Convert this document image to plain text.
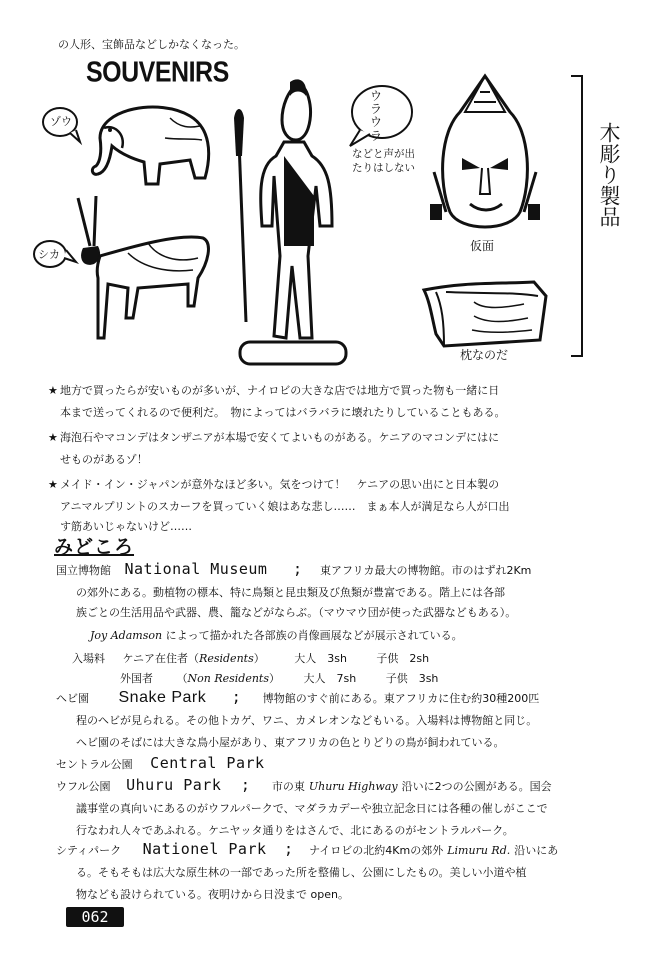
の人形、宝飾品などしかなくなった。
SOUVENIRS
木彫り製品
ゾウ
シカ
ウラウラ
などと声が出たりはしない
仮面
枕なのだ
★ 地方で買ったらが安いものが多いが、ナイロビの大きな店では地方で買った物も一緒に日
本まで送ってくれるので便利だ。　物によってはバラバラに壊れたりしていることもある。
★ 海泡石やマコンデはタンザニアが本場で安くてよいものがある。ケニアのマコンデにはに
せものがあるゾ！
★ メイド・イン・ジャパンが意外なほど多い。気をつけて！　ケニアの思い出にと日本製の
アニマルプリントのスカーフを買っていく娘はあな悲し……　まぁ本人が満足なら人が口出
す筋あいじゃないけど……
みどころ
国立博物館 National Museum ; 東アフリカ最大の博物館。市のはずれ2Km
の郊外にある。動植物の標本、特に鳥類と昆虫類及び魚類が豊富である。階上には各部
族ごとの生活用品や武器、農、籠などがならぶ。（マウマウ団が使った武器などもある）。
Joy Adamson によって描かれた各部族の肖像画展などが展示されている。
入場料 ケニア在住者（Residents）	大人　3sh	子供　2sh
外国者 （Non Residents） 大人　7sh	子供　3sh
ヘビ園 Snake Park ; 博物館のすぐ前にある。東アフリカに住む約30種200匹
程のヘビが見られる。その他トカゲ、ワニ、カメレオンなどもいる。入場料は博物館と同じ。
ヘビ園のそばには大きな鳥小屋があり、東アフリカの色とりどりの鳥が飼われている。
セントラル公園 Central Park
ウフル公園 Uhuru Park ; 市の東 Uhuru Highway 沿いに2つの公園がある。国会
議事堂の真向いにあるのがウフルパークで、マダラカデーや独立記念日には各種の催しがここで
行なわれ人々であふれる。ケニヤッタ通りをはさんで、北にあるのがセントラルパーク。
シティパーク Nationel Park ; ナイロビの北約4Kmの郊外 Limuru Rd. 沿いにあ
る。そもそもは広大な原生林の一部であった所を整備し、公園にしたもの。美しい小道や植
物なども設けられている。夜明けから日没まで open。
062
